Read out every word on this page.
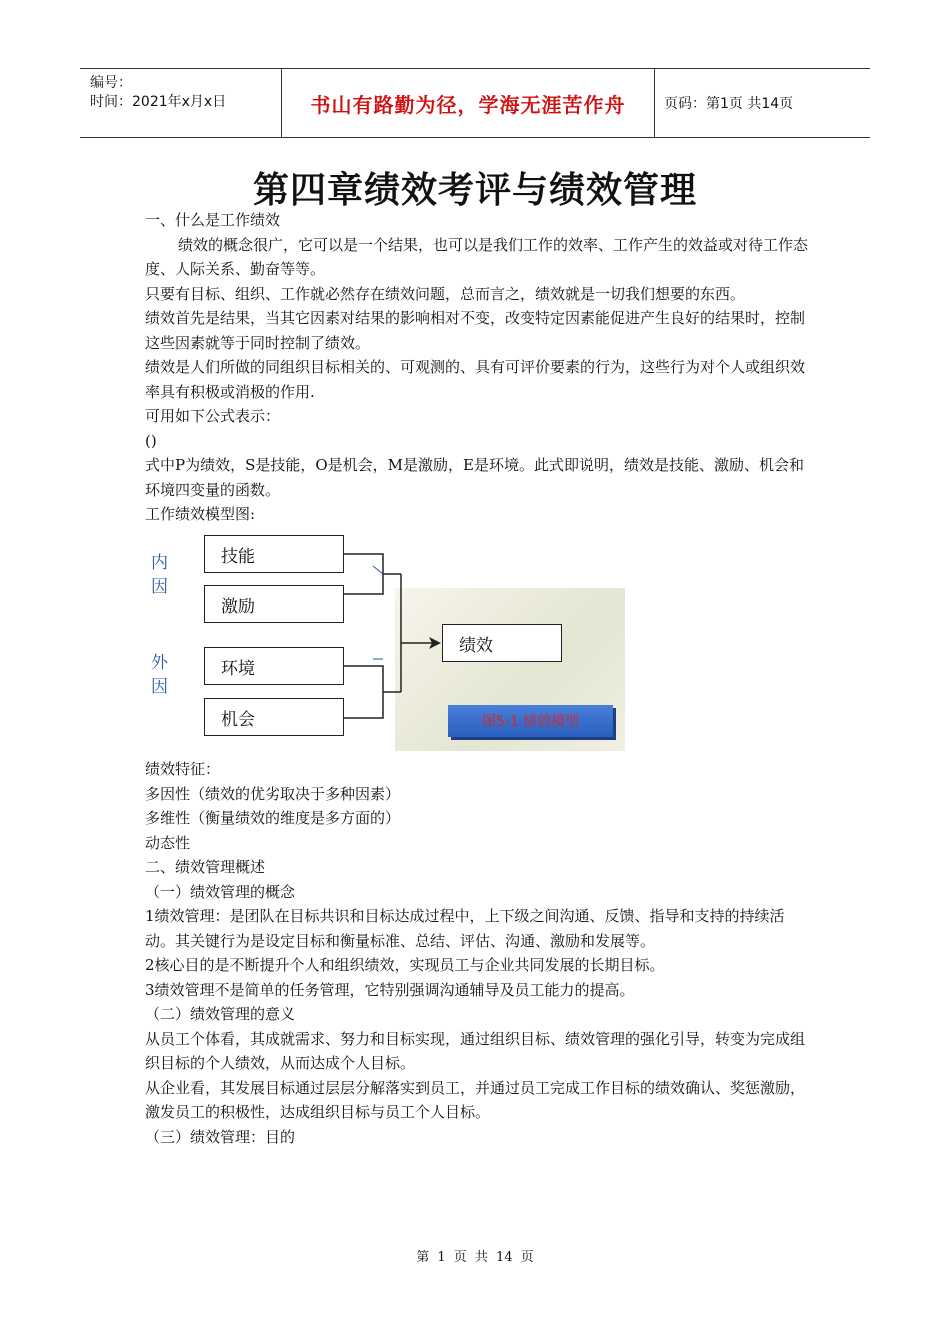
编号：
时间：2021年x月x日	书山有路勤为径，学海无涯苦作舟	页码：第1页 共14页
第四章绩效考评与绩效管理

一、什么是工作绩效

绩效的概念很广，它可以是一个结果，也可以是我们工作的效率、工作产生的效益或对待工作态度、人际关系、勤奋等等。

只要有目标、组织、工作就必然存在绩效问题，总而言之，绩效就是一切我们想要的东西。

绩效首先是结果，当其它因素对结果的影响相对不变，改变特定因素能促进产生良好的结果时，控制这些因素就等于同时控制了绩效。

绩效是人们所做的同组织目标相关的、可观测的、具有可评价要素的行为，这些行为对个人或组织效率具有积极或消极的作用.

可用如下公式表示：

()

式中P为绩效，S是技能，O是机会，M是激励，E是环境。此式即说明，绩效是技能、激励、机会和环境四变量的函数。

工作绩效模型图:

内因
外因
技能
激励
环境
机会
绩效
图5-1 绩效模型

绩效特征：

多因性（绩效的优劣取决于多种因素）

多维性（衡量绩效的维度是多方面的）

动态性

二、绩效管理概述

（一）绩效管理的概念

1绩效管理：是团队在目标共识和目标达成过程中，上下级之间沟通、反馈、指导和支持的持续活动。其关键行为是设定目标和衡量标准、总结、评估、沟通、激励和发展等。

2核心目的是不断提升个人和组织绩效，实现员工与企业共同发展的长期目标。

3绩效管理不是简单的任务管理，它特别强调沟通辅导及员工能力的提高。

（二）绩效管理的意义

从员工个体看，其成就需求、努力和目标实现，通过组织目标、绩效管理的强化引导，转变为完成组织目标的个人绩效，从而达成个人目标。

从企业看，其发展目标通过层层分解落实到员工，并通过员工完成工作目标的绩效确认、奖惩激励，激发员工的积极性，达成组织目标与员工个人目标。

（三）绩效管理：目的

第 1 页 共 14 页
